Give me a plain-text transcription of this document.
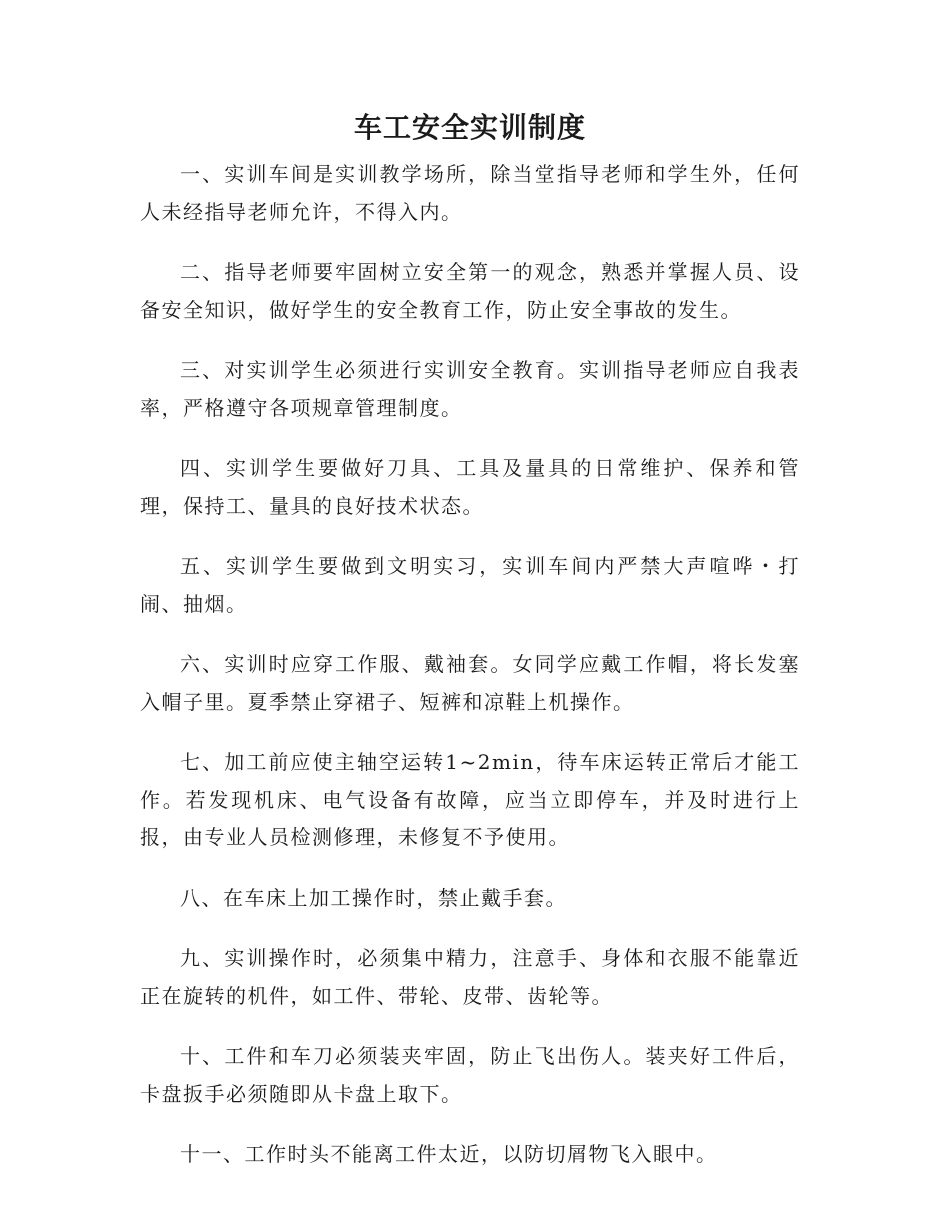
车工安全实训制度

一、实训车间是实训教学场所，除当堂指导老师和学生外，任何人未经指导老师允许，不得入内。

二、指导老师要牢固树立安全第一的观念，熟悉并掌握人员、设备安全知识，做好学生的安全教育工作，防止安全事故的发生。

三、对实训学生必须进行实训安全教育。实训指导老师应自我表率，严格遵守各项规章管理制度。

四、实训学生要做好刀具、工具及量具的日常维护、保养和管理，保持工、量具的良好技术状态。

五、实训学生要做到文明实习，实训车间内严禁大声喧哗・打闹、抽烟。

六、实训时应穿工作服、戴袖套。女同学应戴工作帽，将长发塞入帽子里。夏季禁止穿裙子、短裤和凉鞋上机操作。

七、加工前应使主轴空运转1~2min，待车床运转正常后才能工作。若发现机床、电气设备有故障，应当立即停车，并及时进行上报，由专业人员检测修理，未修复不予使用。

八、在车床上加工操作时，禁止戴手套。

九、实训操作时，必须集中精力，注意手、身体和衣服不能靠近正在旋转的机件，如工件、带轮、皮带、齿轮等。

十、工件和车刀必须装夹牢固，防止飞出伤人。装夹好工件后，卡盘扳手必须随即从卡盘上取下。

十一、工作时头不能离工件太近，以防切屑物飞入眼中。
